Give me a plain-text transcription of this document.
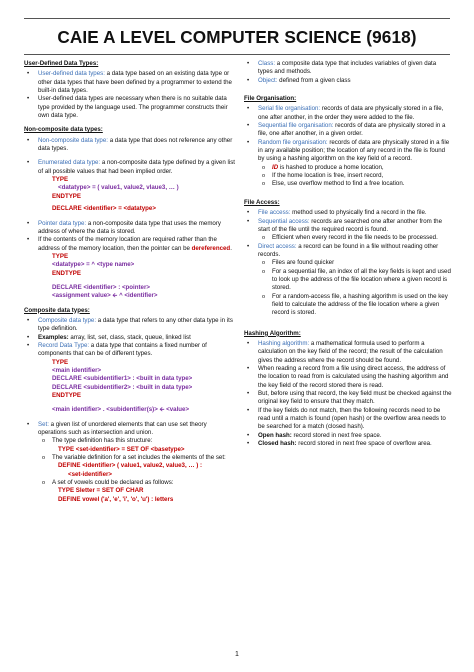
CAIE A LEVEL COMPUTER SCIENCE (9618)
User-Defined Data Types:
• User-defined data types: a data type based on an existing data type or other data types that have been defined by a programmer to extend the built-in data types.
• User-defined data types are necessary when there is no suitable data type provided by the language used. The programmer constructs their own data type.
Non-composite data types:
• Non-composite data type: a data type that does not reference any other data types.
• Enumerated data type: a non-composite data type defined by a given list of all possible values that had been implied order.
TYPE
<datatype> = ( value1, value2, vlaue3, … )
ENDTYPE
DECLARE <identifier> = <datatype>
• Pointer data type: a non-composite data type that uses the memory address of where the data is stored.
• If the contents of the memory location are required rather than the address of the memory location, then the pointer can be dereferenced.
TYPE
<datatype> = ^ <type name>
ENDTYPE
DECLARE <identifier> : <pointer>
<assignment value> 🡨 ^ <identifier>
Composite data types:
• Composite data type: a data type that refers to any other data type in its type definition.
• Examples: array, list, set, class, stack, queue, linked list
• Record Data Type: a data type that contains a fixed number of components that can be of different types.
TYPE
<main identifier>
DECLARE <subidentifier1> : <built in data type>
DECLARE <subidentifier2> : <built in data type>
ENDTYPE
<main identifier> . <subidentifier(s)> 🡨 <value>
• Set: a given list of unordered elements that can use set theory operations such as intersection and union.
o The type definition has this structure:
TYPE <set-identifier> = SET OF <basetype>
o The variable definition for a set includes the elements of the set:
DEFINE <identifier> ( value1, value2, value3, … ) :
<set-identifier>
o A set of vowels could be declared as follows:
TYPE Sletter = SET OF CHAR
DEFINE vowel ('a', 'e', 'i', 'o', 'u') : letters
• Class: a composite data type that includes variables of given data types and methods.
• Object: defined from a given class
File Organisation:
• Serial file organisation: records of data are physically stored in a file, one after another, in the order they were added to the file.
• Sequential file organisation: records of data are physically stored in a file, one after another, in a given order.
• Random file organisation: records of data are physically stored in a file in any available position; the location of any record in the file is found by using a hashing algorithm on the key field of a record.
o ID is hashed to produce a home location,
o If the home location is free, insert record,
o Else, use overflow method to find a free location.
File Access:
• File access: method used to physically find a record in the file.
• Sequential access: records are searched one after another from the start of the file until the required record is found.
o Efficient when every record in the file needs to be processed.
• Direct access: a record can be found in a file without reading other records.
o Files are found quicker
o For a sequential file, an index of all the key fields is kept and used to look up the address of the file location where a given record is stored.
o For a random-access file, a hashing algorithm is used on the key field to calculate the address of the file location where a given record is stored.
Hashing Algorithm:
• Hashing algorithm: a mathematical formula used to perform a calculation on the key field of the record; the result of the calculation gives the address where the record should be found.
• When reading a record from a file using direct access, the address of the location to read from is calculated using the hashing algorithm and the key field of the record stored there is read.
• But, before using that record, the key field must be checked against the original key field to ensure that they match.
• If the key fields do not match, then the following records need to be read until a match is found (open hash) or the overflow area needs to be searched for a match (closed hash).
• Open hash: record stored in next free space.
• Closed hash: record stored in next free space of overflow area.
1
